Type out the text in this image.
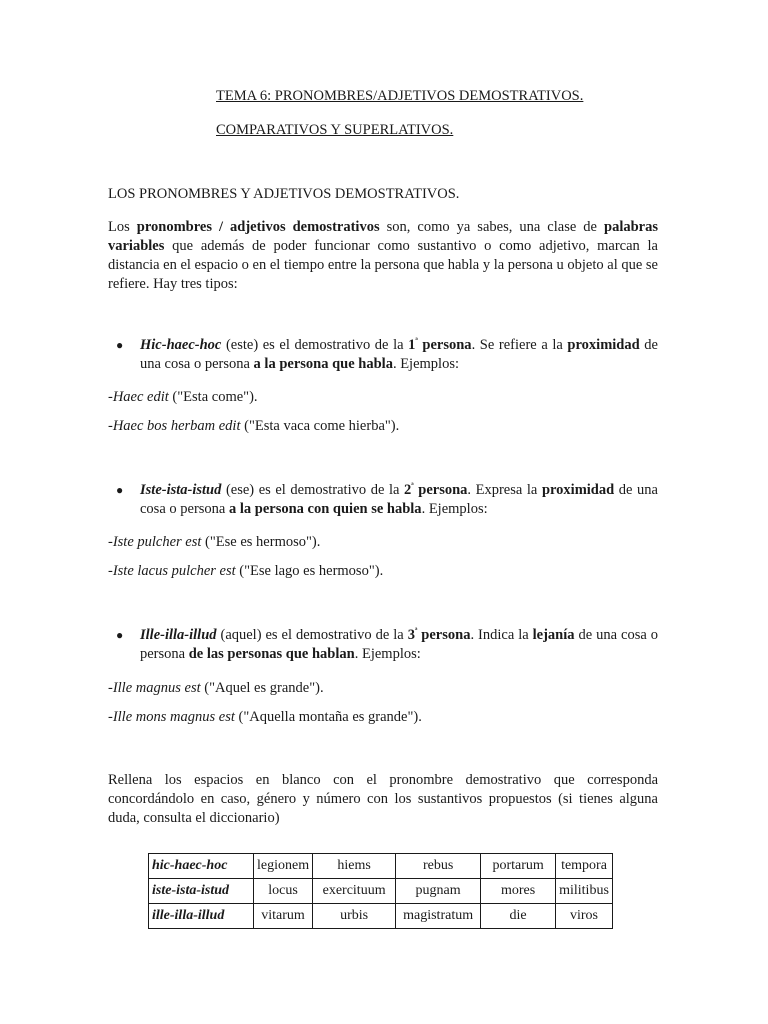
TEMA 6: PRONOMBRES/ADJETIVOS DEMOSTRATIVOS.
COMPARATIVOS Y SUPERLATIVOS.
LOS PRONOMBRES Y ADJETIVOS DEMOSTRATIVOS.
Los pronombres / adjetivos demostrativos son, como ya sabes, una clase de palabras variables que además de poder funcionar como sustantivo o como adjetivo, marcan la distancia en el espacio o en el tiempo entre la persona que habla y la persona u objeto al que se refiere. Hay tres tipos:
● Hic-haec-hoc (este) es el demostrativo de la $1^ª$ persona. Se refiere a la proximidad de una cosa o persona a la persona que habla. Ejemplos:
-Haec edit ("Esta come").
-Haec bos herbam edit ("Esta vaca come hierba").
● Iste-ista-istud (ese) es el demostrativo de la $2^ª$ persona. Expresa la proximidad de una cosa o persona a la persona con quien se habla. Ejemplos:
-Iste pulcher est ("Ese es hermoso").
-Iste lacus pulcher est ("Ese lago es hermoso").
● Ille-illa-illud (aquel) es el demostrativo de la $3^ª$ persona. Indica la lejanía de una cosa o persona de las personas que hablan. Ejemplos:
-Ille magnus est ("Aquel es grande").
-Ille mons magnus est ("Aquella montaña es grande").
Rellena los espacios en blanco con el pronombre demostrativo que corresponda concordándolo en caso, género y número con los sustantivos propuestos (si tienes alguna duda, consulta el diccionario)
hic-haec-hoc	legionem	hiems	rebus	portarum	tempora
iste-ista-istud	locus	exercituum	pugnam	mores	militibus
ille-illa-illud	vitarum	urbis	magistratum	die	viros
